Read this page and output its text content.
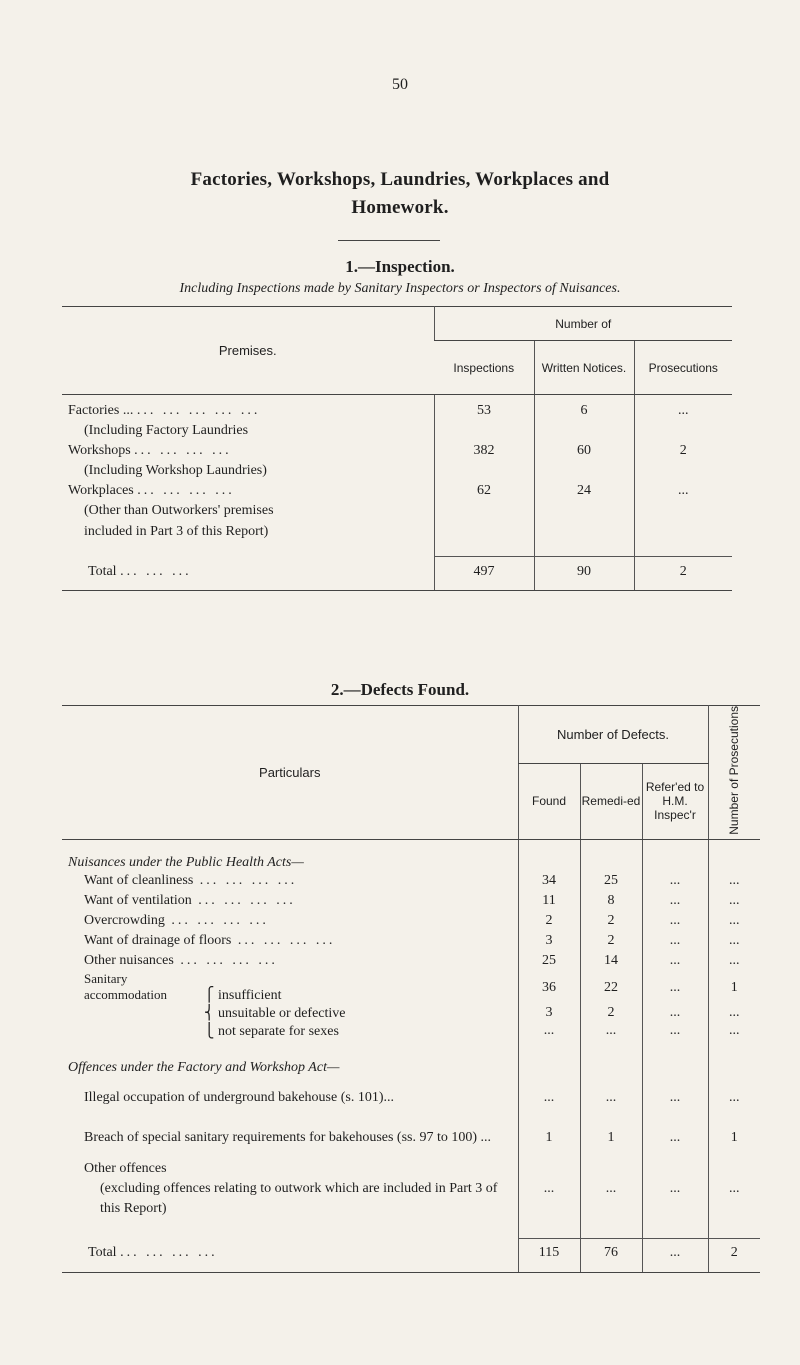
50
Factories, Workshops, Laundries, Workplaces and
Homework.
1.—Inspection.
Including Inspections made by Sanitary Inspectors or Inspectors of Nuisances.
Premises.	Number of		
	Inspections	Written Notices.	Prosecutions

Factories ... ... ... ... ... ...	53	6	...
(Including Factory Laundries			
Workshops ... ... ... ...	382	60	2
(Including Workshop Laundries)			
Workplaces ... ... ... ...	62	24	...
(Other than Outworkers' premises			
included in Part 3 of this Report)			

Total ... ... ...	497	90	2

2.—Defects Found.
Particulars	Number of Defects.			Number of Prosecutions
	Found	Remedi-ed	Refer'ed to H.M. Inspec'r	
Nuisances under the Public Health Acts—				
Want of cleanliness ... ... ... ...	34	25	...	...
Want of ventilation ... ... ... ...	11	8	...	...
Overcrowding ... ... ... ...	2	2	...	...
Want of drainage of floors ... ... ... ...	3	2	...	...
Other nuisances ... ... ... ...	25	14	...	...
Sanitary accommodation ⎧ insufficient	36	22	...	1
⎨ unsuitable or defective	3	2	...	...
⎩ not separate for sexes	...	...	...	...

Offences under the Factory and Workshop Act—				

Illegal occupation of underground bakehouse (s. 101)...	...	...	...	...

Breach of special sanitary requirements for bakehouses (ss. 97 to 100) ...	1	1	...	1

Other offences
(excluding offences relating to outwork which are included in Part 3 of this Report)	...	...	...	...

Total ... ... ... ...	115	76	...	2
